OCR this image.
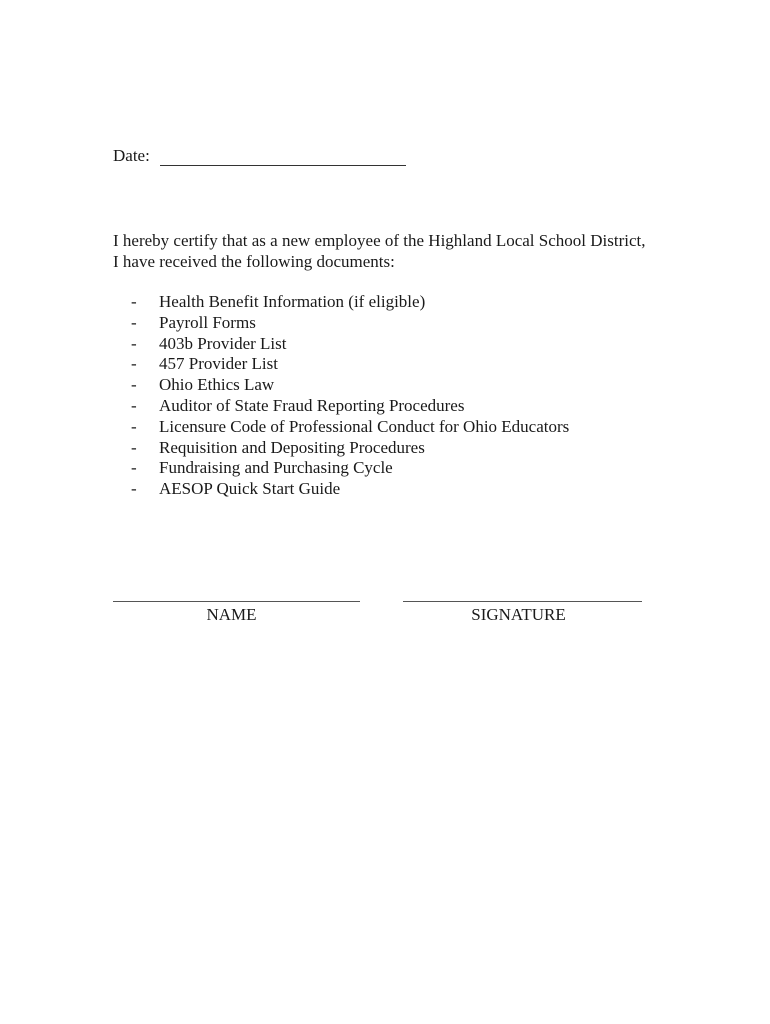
Date:

I hereby certify that as a new employee of the Highland Local School District, I have received the following documents:

-	Health Benefit Information (if eligible)
-	Payroll Forms
-	403b Provider List
-	457 Provider List
-	Ohio Ethics Law
-	Auditor of State Fraud Reporting Procedures
-	Licensure Code of Professional Conduct for Ohio Educators
-	Requisition and Depositing Procedures
-	Fundraising and Purchasing Cycle
-	AESOP Quick Start Guide
NAME	SIGNATURE
